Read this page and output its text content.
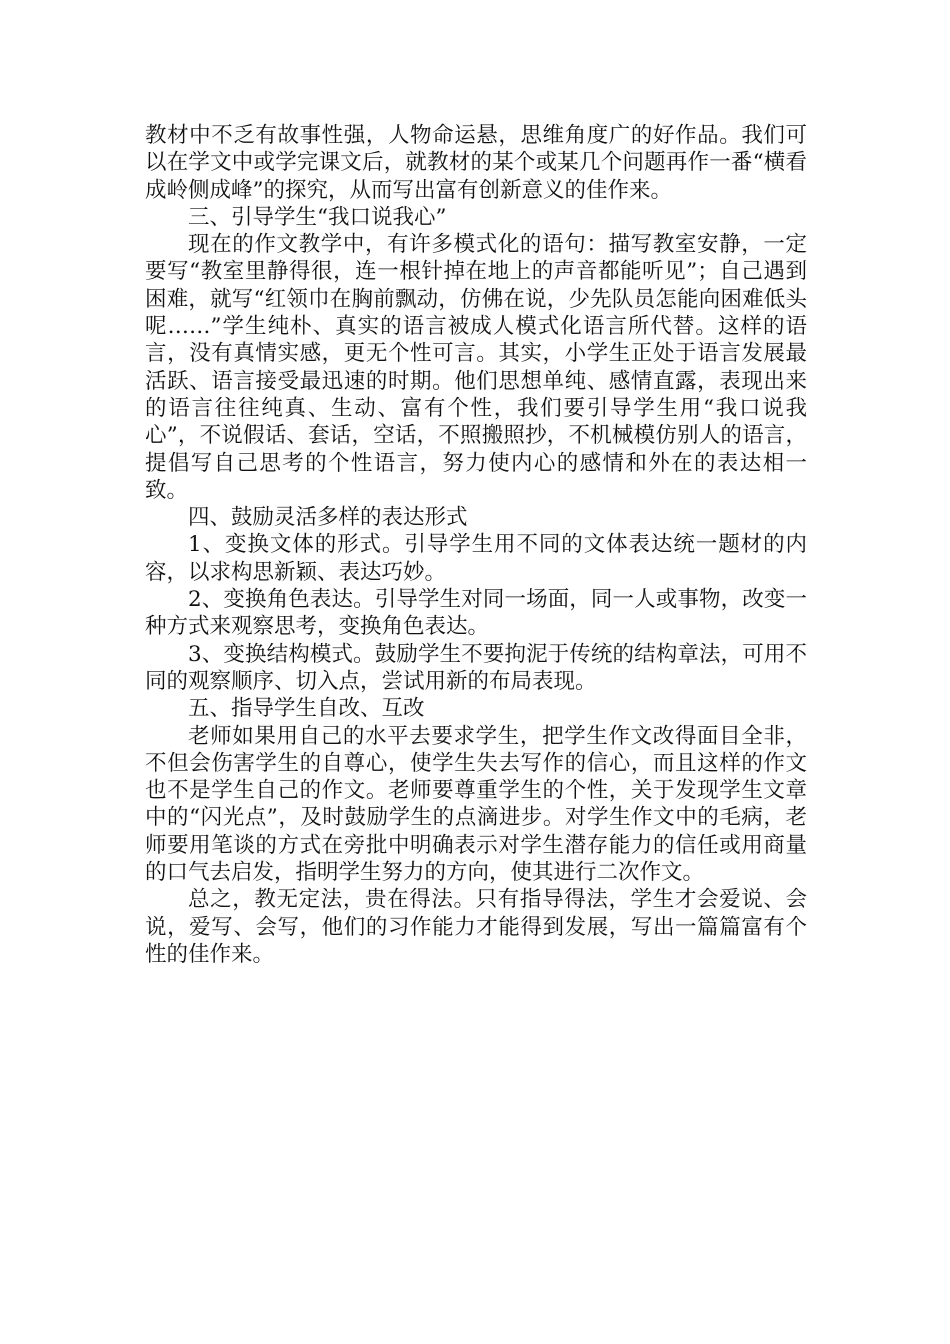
教材中不乏有故事性强，人物命运悬，思维角度广的好作品。我们可以在学文中或学完课文后，就教材的某个或某几个问题再作一番“横看成岭侧成峰”的探究，从而写出富有创新意义的佳作来。

三、引导学生“我口说我心”

现在的作文教学中，有许多模式化的语句：描写教室安静，一定要写“教室里静得很，连一根针掉在地上的声音都能听见”；自己遇到困难，就写“红领巾在胸前飘动，仿佛在说，少先队员怎能向困难低头呢……”学生纯朴、真实的语言被成人模式化语言所代替。这样的语言，没有真情实感，更无个性可言。其实，小学生正处于语言发展最活跃、语言接受最迅速的时期。他们思想单纯、感情直露，表现出来的语言往往纯真、生动、富有个性，我们要引导学生用“我口说我心”，不说假话、套话，空话，不照搬照抄，不机械模仿别人的语言，提倡写自己思考的个性语言，努力使内心的感情和外在的表达相一致。

四、鼓励灵活多样的表达形式

1、变换文体的形式。引导学生用不同的文体表达统一题材的内容，以求构思新颖、表达巧妙。

2、变换角色表达。引导学生对同一场面，同一人或事物，改变一种方式来观察思考，变换角色表达。

3、变换结构模式。鼓励学生不要拘泥于传统的结构章法，可用不同的观察顺序、切入点，尝试用新的布局表现。

五、指导学生自改、互改

老师如果用自己的水平去要求学生，把学生作文改得面目全非，不但会伤害学生的自尊心，使学生失去写作的信心，而且这样的作文也不是学生自己的作文。老师要尊重学生的个性，关于发现学生文章中的“闪光点”，及时鼓励学生的点滴进步。对学生作文中的毛病，老师要用笔谈的方式在旁批中明确表示对学生潜存能力的信任或用商量的口气去启发，指明学生努力的方向，使其进行二次作文。

总之，教无定法，贵在得法。只有指导得法，学生才会爱说、会说，爱写、会写，他们的习作能力才能得到发展，写出一篇篇富有个性的佳作来。
